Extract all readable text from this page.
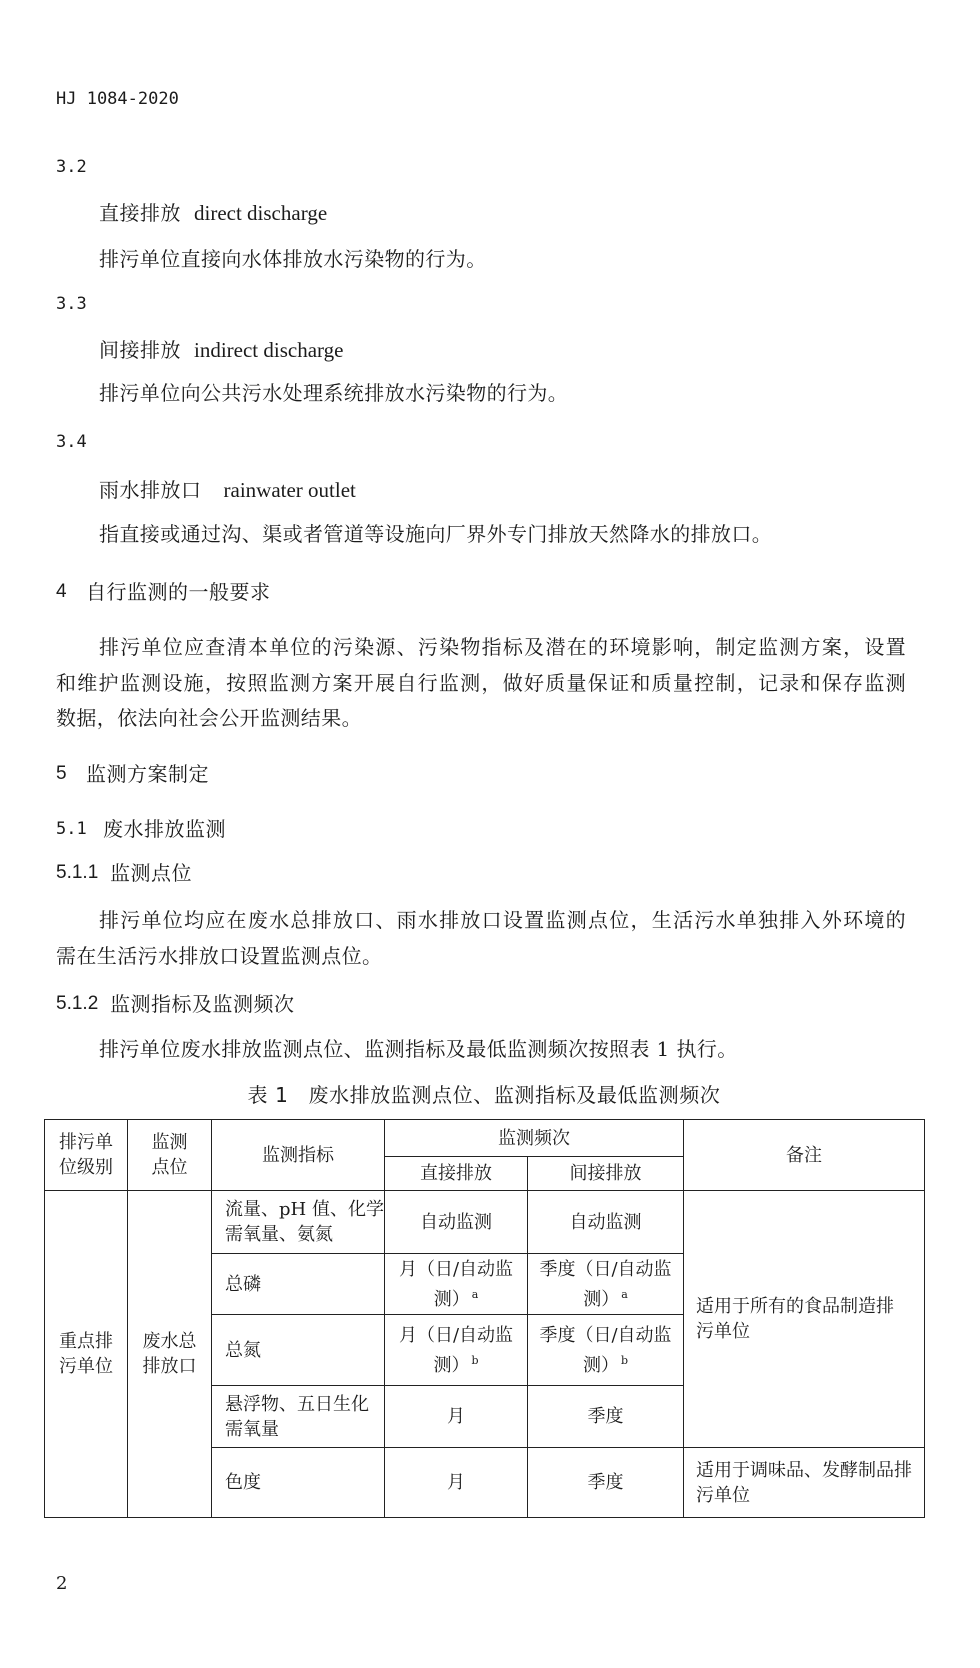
HJ 1084-2020
3.2
直接排放 direct discharge
排污单位直接向水体排放水污染物的行为。
3.3
间接排放 indirect discharge
排污单位向公共污水处理系统排放水污染物的行为。
3.4
雨水排放口 rainwater outlet
指直接或通过沟、渠或者管道等设施向厂界外专门排放天然降水的排放口。
4 自行监测的一般要求
排污单位应查清本单位的污染源、污染物指标及潜在的环境影响，制定监测方案，设置
和维护监测设施，按照监测方案开展自行监测，做好质量保证和质量控制，记录和保存监测
数据，依法向社会公开监测结果。
5 监测方案制定
5.1 废水排放监测
5.1.1 监测点位
排污单位均应在废水总排放口、雨水排放口设置监测点位，生活污水单独排入外环境的
需在生活污水排放口设置监测点位。
5.1.2 监测指标及监测频次
排污单位废水排放监测点位、监测指标及最低监测频次按照表 1 执行。
表 1 废水排放监测点位、监测指标及最低监测频次
排污单
位级别	监测
点位	监测指标	监测频次		备注
			直接排放	间接排放	
重点排
污单位	废水总
排放口	流量、pH 值、化学
需氧量、氨氮	自动监测	自动监测	适用于所有的食品制造排
污单位
		总磷	月（日/自动监
测） $^a$	季度（日/自动监
测） $^a$
		总氮	月（日/自动监
测） $^b$	季度（日/自动监
测） $^b$
		悬浮物、五日生化
需氧量	月	季度	
		色度	月	季度	适用于调味品、发酵制品排
污单位
2
